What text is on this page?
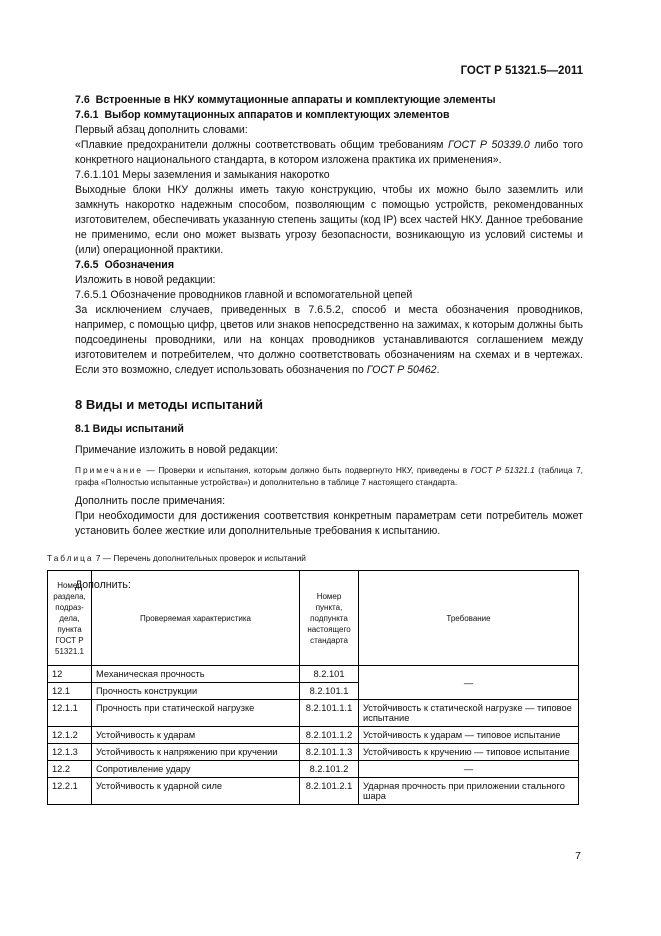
ГОСТ Р 51321.5—2011

7.6 Встроенные в НКУ коммутационные аппараты и комплектующие элементы

7.6.1 Выбор коммутационных аппаратов и комплектующих элементов

Первый абзац дополнить словами:

«Плавкие предохранители должны соответствовать общим требованиям ГОСТ Р 50339.0 либо того конкретного национального стандарта, в котором изложена практика их применения».

7.6.1.101 Меры заземления и замыкания накоротко

Выходные блоки НКУ должны иметь такую конструкцию, чтобы их можно было заземлить или замкнуть накоротко надежным способом, позволяющим с помощью устройств, рекомендованных изготовителем, обеспечивать указанную степень защиты (код IP) всех частей НКУ. Данное требование не применимо, если оно может вызвать угрозу безопасности, возникающую из условий системы и (или) операционной практики.

7.6.5 Обозначения

Изложить в новой редакции:

7.6.5.1 Обозначение проводников главной и вспомогательной цепей

За исключением случаев, приведенных в 7.6.5.2, способ и места обозначения проводников, например, с помощью цифр, цветов или знаков непосредственно на зажимах, к которым должны быть подсоединены проводники, или на концах проводников устанавливаются соглашением между изготовителем и потребителем, что должно соответствовать обозначениям на схемах и в чертежах. Если это возможно, следует использовать обозначения по ГОСТ Р 50462.

8 Виды и методы испытаний

8.1 Виды испытаний

Примечание изложить в новой редакции:

Примечание — Проверки и испытания, которым должно быть подвергнуто НКУ, приведены в ГОСТ Р 51321.1 (таблица 7, графа «Полностью испытанные устройства») и дополнительно в таблице 7 настоящего стандарта.

Дополнить после примечания:

При необходимости для достижения соответствия конкретным параметрам сети потребитель может установить более жесткие или дополнительные требования к испытанию.

Таблица 7 — Перечень дополнительных проверок и испытаний

Дополнить:

Номер раздела, подраз-дела, пункта ГОСТ Р 51321.1	Проверяемая характеристика	Номер пункта, подпункта настоящего стандарта	Требование
12	Механическая прочность	8.2.101	—
12.1	Прочность конструкции	8.2.101.1	
12.1.1	Прочность при статической нагрузке	8.2.101.1.1	Устойчивость к статической нагрузке — типовое испытание
12.1.2	Устойчивость к ударам	8.2.101.1.2	Устойчивость к ударам — типовое испытание
12.1.3	Устойчивость к напряжению при кручении	8.2.101.1.3	Устойчивость к кручению — типовое испытание
12.2	Сопротивление удару	8.2.101.2	—
12.2.1	Устойчивость к ударной силе	8.2.101.2.1	Ударная прочность при приложении стального шара
7
